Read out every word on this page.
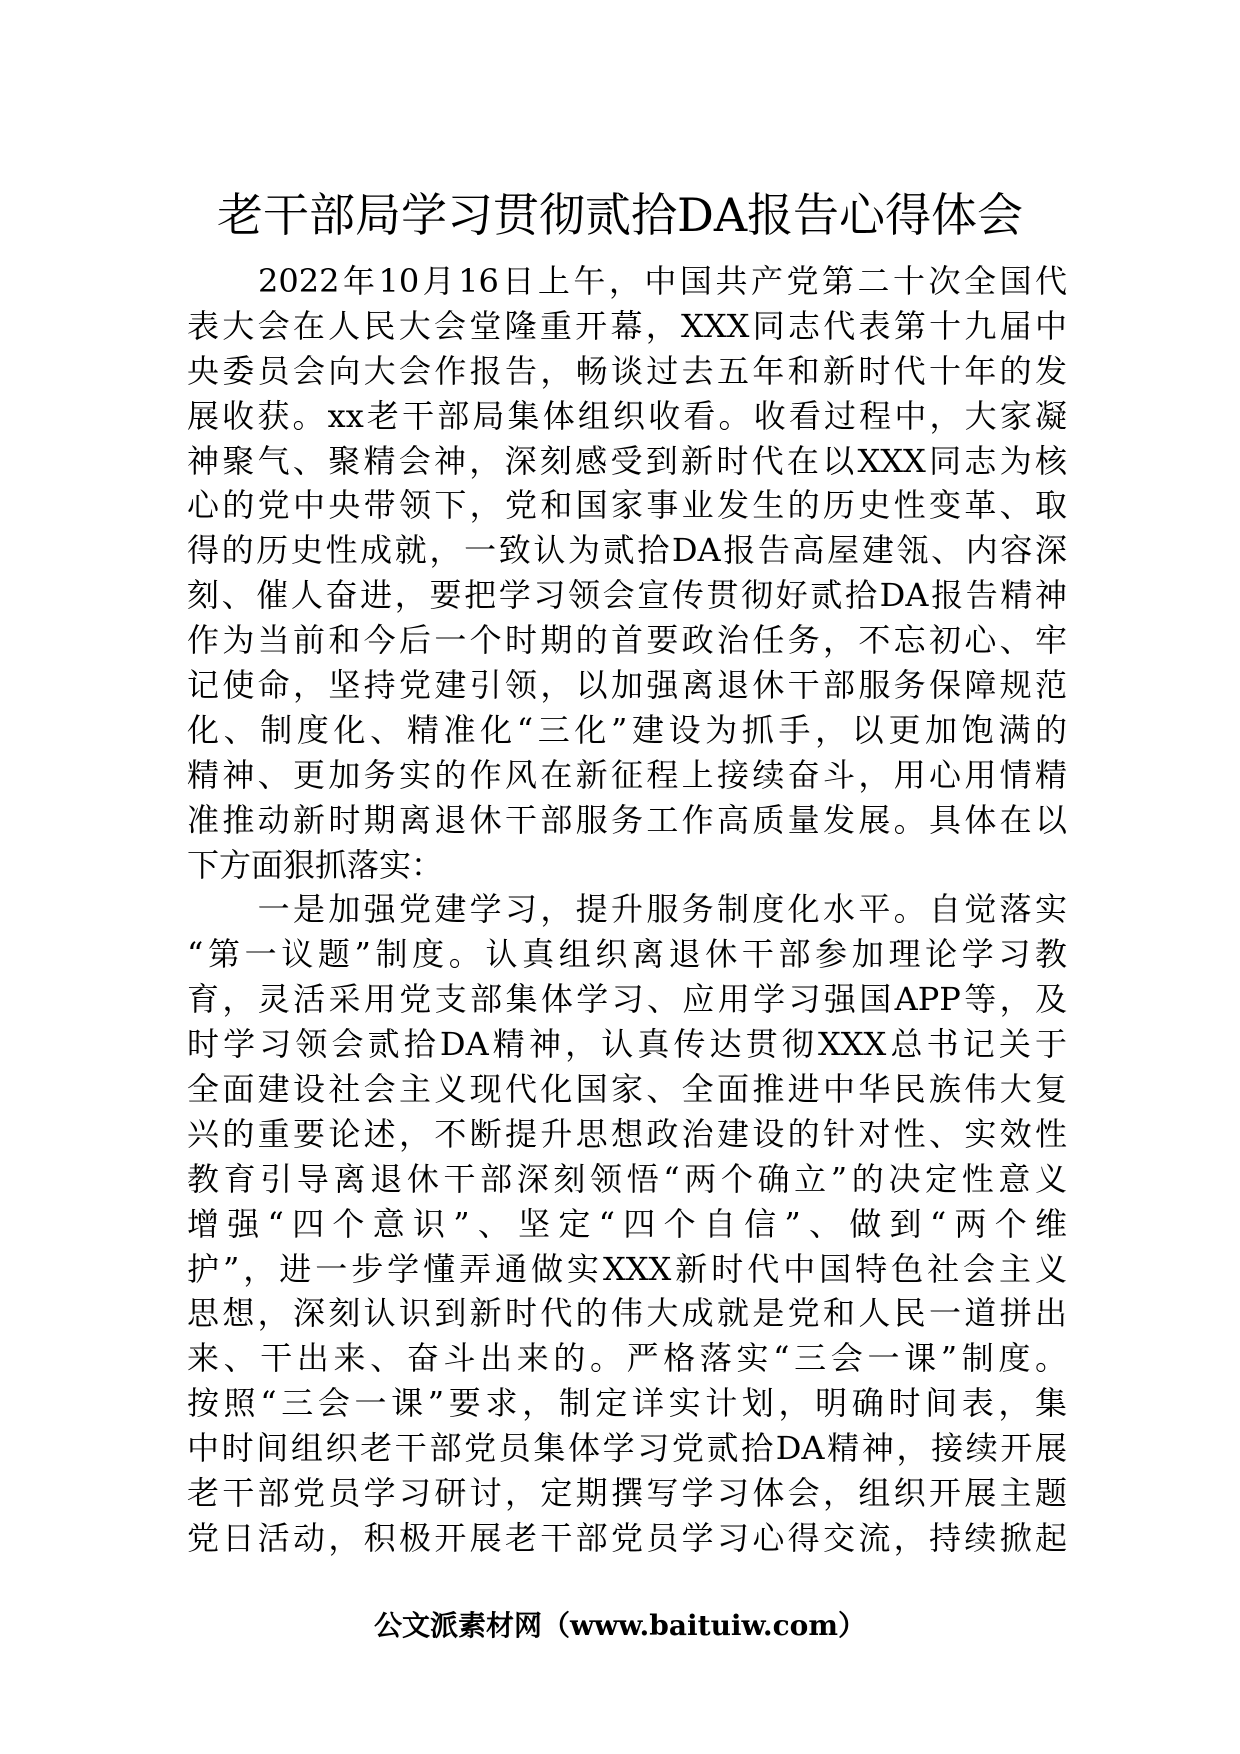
老干部局学习贯彻贰拾DA报告心得体会
　　2022年10月16日上午，中国共产党第二十次全国代
表大会在人民大会堂隆重开幕，XXX同志代表第十九届中
央委员会向大会作报告，畅谈过去五年和新时代十年的发
展收获。xx老干部局集体组织收看。收看过程中，大家凝
神聚气、聚精会神，深刻感受到新时代在以XXX同志为核
心的党中央带领下，党和国家事业发生的历史性变革、取
得的历史性成就，一致认为贰拾DA报告高屋建瓴、内容深
刻、催人奋进，要把学习领会宣传贯彻好贰拾DA报告精神
作为当前和今后一个时期的首要政治任务，不忘初心、牢
记使命，坚持党建引领，以加强离退休干部服务保障规范
化、制度化、精准化“三化”建设为抓手，以更加饱满的
精神、更加务实的作风在新征程上接续奋斗，用心用情精
准推动新时期离退休干部服务工作高质量发展。具体在以
下方面狠抓落实：
　　一是加强党建学习，提升服务制度化水平。自觉落实
“第一议题”制度。认真组织离退休干部参加理论学习教
育，灵活采用党支部集体学习、应用学习强国APP等，及
时学习领会贰拾DA精神，认真传达贯彻XXX总书记关于
全面建设社会主义现代化国家、全面推进中华民族伟大复
兴的重要论述，不断提升思想政治建设的针对性、实效性
教育引导离退休干部深刻领悟“两个确立”的决定性意义
增强“四个意识”、坚定“四个自信”、做到“两个维
护”，进一步学懂弄通做实XXX新时代中国特色社会主义
思想，深刻认识到新时代的伟大成就是党和人民一道拼出
来、干出来、奋斗出来的。严格落实“三会一课”制度。
按照“三会一课”要求，制定详实计划，明确时间表，集
中时间组织老干部党员集体学习党贰拾DA精神，接续开展
老干部党员学习研讨，定期撰写学习体会，组织开展主题
党日活动，积极开展老干部党员学习心得交流，持续掀起
公文派素材网（www.baituiw.com）
